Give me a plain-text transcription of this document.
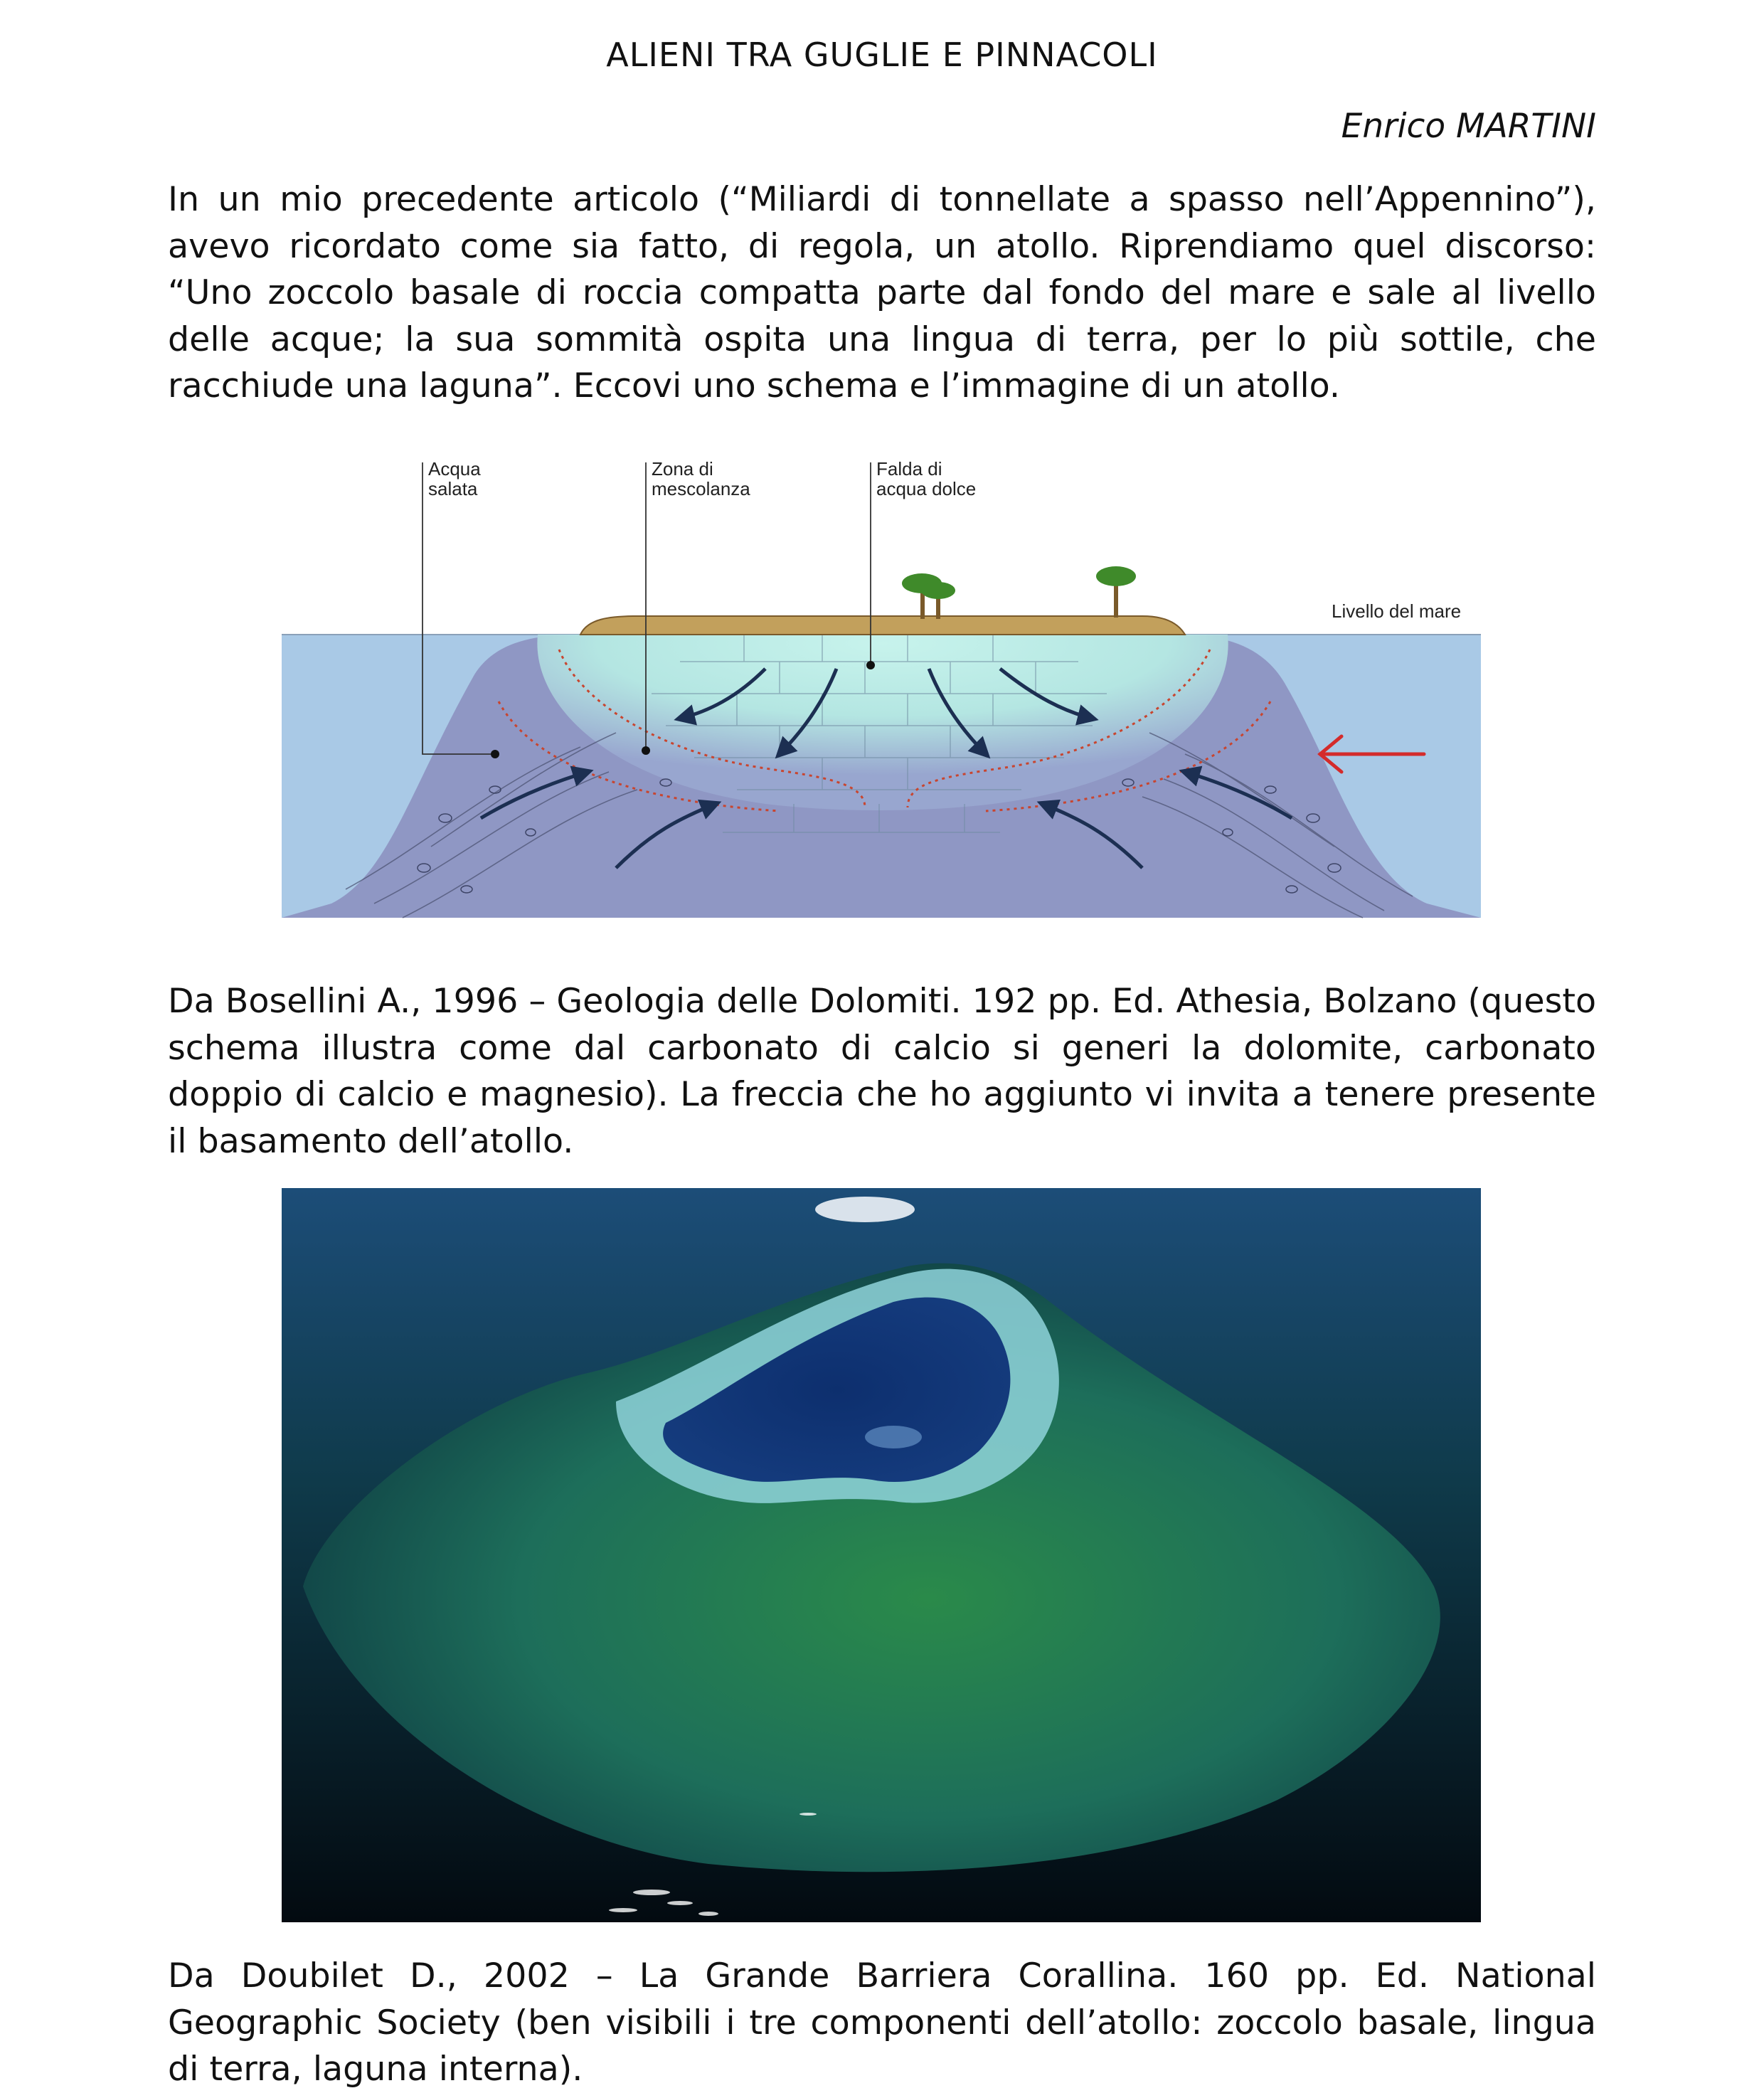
ALIENI TRA GUGLIE E PINNACOLI
Enrico MARTINI

In un mio precedente articolo (“Miliardi di tonnellate a spasso nell’Appennino”), avevo ricordato come sia fatto, di regola, un atollo. Riprendiamo quel discorso: “Uno zoccolo basale di roccia compatta parte dal fondo del mare e sale al livello delle acque; la sua sommità ospita una lingua di terra, per lo più sottile, che racchiude una laguna”. Eccovi uno schema e l’immagine di un atollo.

Acqua
salata
Zona di
mescolanza
Falda di
acqua dolce
Livello del mare

Da Bosellini A., 1996 – Geologia delle Dolomiti. 192 pp. Ed. Athesia, Bolzano (questo schema illustra come dal carbonato di calcio si generi la dolomite, carbonato doppio di calcio e magnesio). La freccia che ho aggiunto vi invita a tenere presente il basamento dell’atollo.

Da Doubilet D., 2002 – La Grande Barriera Corallina. 160 pp. Ed. National Geographic Society (ben visibili i tre componenti dell’atollo: zoccolo basale, lingua di terra, laguna interna).
